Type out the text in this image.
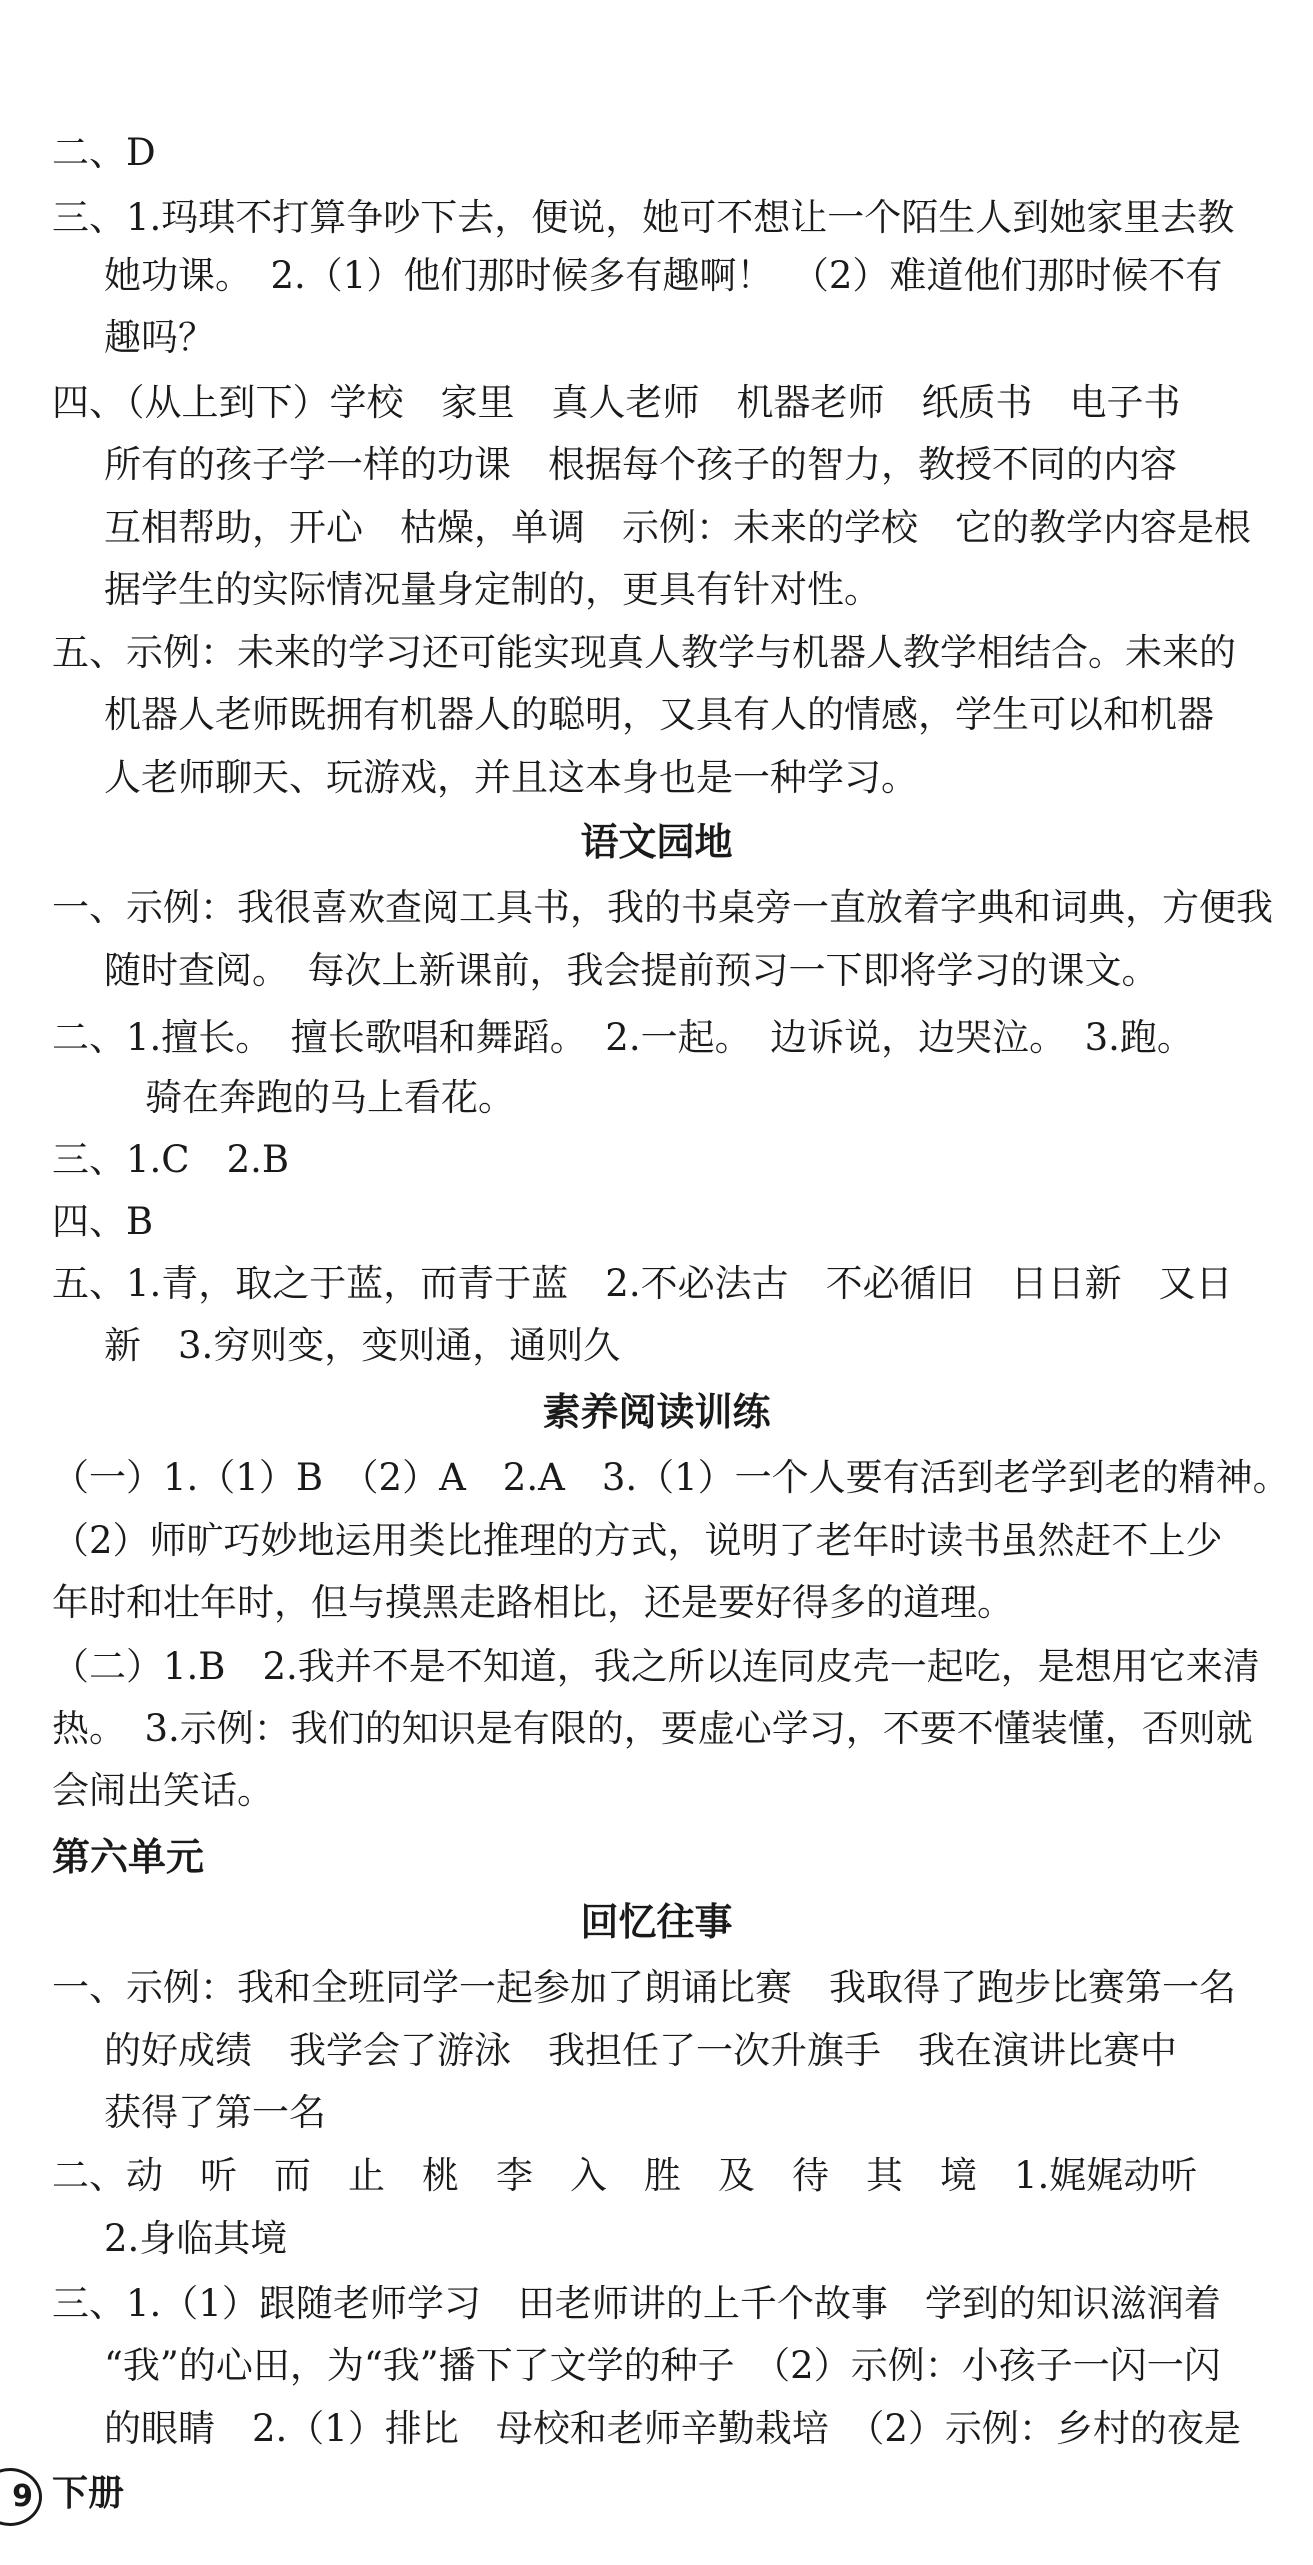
二、D
三、1.玛琪不打算争吵下去，便说，她可不想让一个陌生人到她家里去教
她功课。　2.（1）他们那时候多有趣啊！　（2）难道他们那时候不有
趣吗？
四、（从上到下）学校　家里　真人老师　机器老师　纸质书　电子书
所有的孩子学一样的功课　根据每个孩子的智力，教授不同的内容
互相帮助，开心　枯燥，单调　示例：未来的学校　它的教学内容是根
据学生的实际情况量身定制的，更具有针对性。
五、示例：未来的学习还可能实现真人教学与机器人教学相结合。未来的
机器人老师既拥有机器人的聪明，又具有人的情感，学生可以和机器
人老师聊天、玩游戏，并且这本身也是一种学习。
语文园地
一、示例：我很喜欢查阅工具书，我的书桌旁一直放着字典和词典，方便我
随时查阅。　每次上新课前，我会提前预习一下即将学习的课文。
二、1.擅长。　擅长歌唱和舞蹈。　2.一起。　边诉说，边哭泣。　3.跑。
骑在奔跑的马上看花。
三、1.C　2.B
四、B
五、1.青，取之于蓝，而青于蓝　2.不必法古　不必循旧　日日新　又日
新　3.穷则变，变则通，通则久
素养阅读训练
（一）1.（1）B　（2）A　2.A　3.（1）一个人要有活到老学到老的精神。
（2）师旷巧妙地运用类比推理的方式，说明了老年时读书虽然赶不上少
年时和壮年时，但与摸黑走路相比，还是要好得多的道理。
（二）1.B　2.我并不是不知道，我之所以连同皮壳一起吃，是想用它来清
热。　3.示例：我们的知识是有限的，要虚心学习，不要不懂装懂，否则就
会闹出笑话。
第六单元
回忆往事
一、示例：我和全班同学一起参加了朗诵比赛　我取得了跑步比赛第一名
的好成绩　我学会了游泳　我担任了一次升旗手　我在演讲比赛中
获得了第一名
二、动　听　而　止　桃　李　入　胜　及　待　其　境　1.娓娓动听
2.身临其境
三、1.（1）跟随老师学习　田老师讲的上千个故事　学到的知识滋润着
“我”的心田，为“我”播下了文学的种子　（2）示例：小孩子一闪一闪
的眼睛　2.（1）排比　母校和老师辛勤栽培　（2）示例：乡村的夜是
9 下册
